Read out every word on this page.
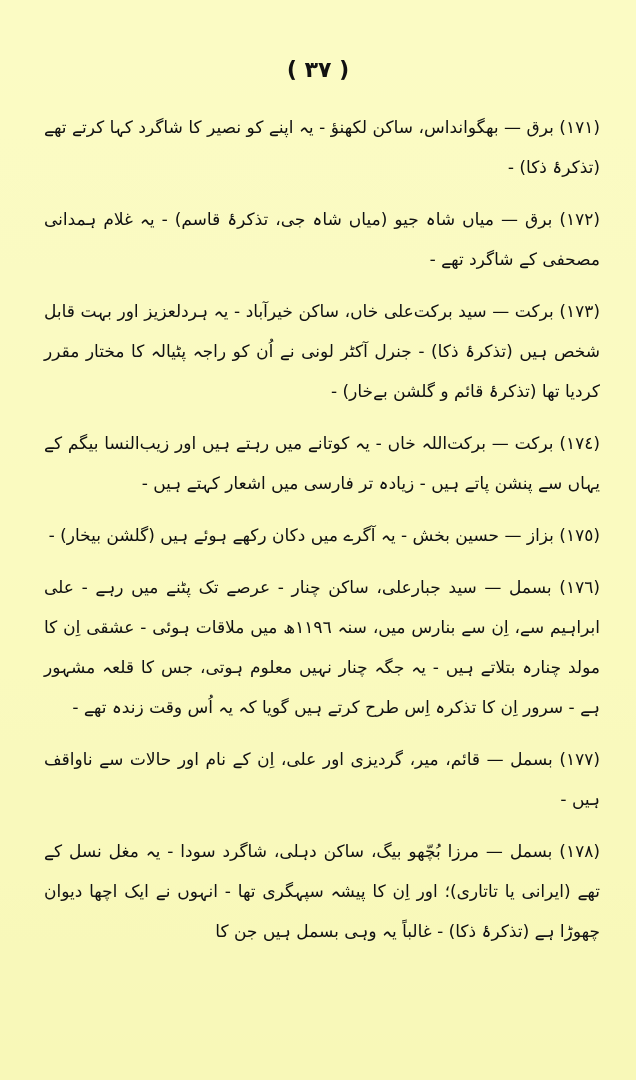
( ٣٧ )

(١٧١) برق — بھگوانداس، ساکن لکھنؤ - یہ اپنے کو نصیر کا شاگرد کہا کرتے تھے (تذکرۂ ذکا) -

(١٧٢) برق — میاں شاہ جیو (میاں شاہ جی، تذکرۂ قاسم) - یہ غلام ہمدانی مصحفی کے شاگرد تھے -

(١٧٣) برکت — سید برکت‌علی خاں، ساکن خیرآباد - یہ ہردلعزیز اور بہت قابل شخص ہیں (تذکرۂ ذکا) - جنرل آکٹر لونی نے اُن کو راجہ پٹیالہ کا مختار مقرر کردیا تھا (تذکرۂ قائم و گلشن بےخار) -

(١٧٤) برکت — برکت‌اللہ خاں - یہ کوتانے میں رہتے ہیں اور زیب‌النسا بیگم کے یہاں سے پنشن پاتے ہیں - زیادہ تر فارسی میں اشعار کہتے ہیں -

(١٧٥) بزاز — حسین بخش - یہ آگرے میں دکان رکھے ہوئے ہیں (گلشن بیخار) -

(١٧٦) بسمل — سید جبارعلی، ساکن چنار - عرصے تک پٹنے میں رہے - علی ابراہیم سے، اِن سے بنارس میں، سنہ ١١٩٦ھ میں ملاقات ہوئی - عشقی اِن کا مولد چنارہ بتلاتے ہیں - یہ جگہ چنار نہیں معلوم ہوتی، جس کا قلعہ مشہور ہے - سرور اِن کا تذکرہ اِس طرح کرتے ہیں گویا کہ یہ اُس وقت زندہ تھے -

(١٧٧) بسمل — قائم، میر، گردیزی اور علی، اِن کے نام اور حالات سے ناواقف ہیں -

(١٧٨) بسمل — مرزا بُچّھو بیگ، ساکن دہلی، شاگرد سودا - یہ مغل نسل کے تھے (ایرانی یا تاتاری)؛ اور اِن کا پیشہ سپہگری تھا - انہوں نے ایک اچھا دیوان چھوڑا ہے (تذکرۂ ذکا) - غالباً یہ وہی بسمل ہیں جن کا
